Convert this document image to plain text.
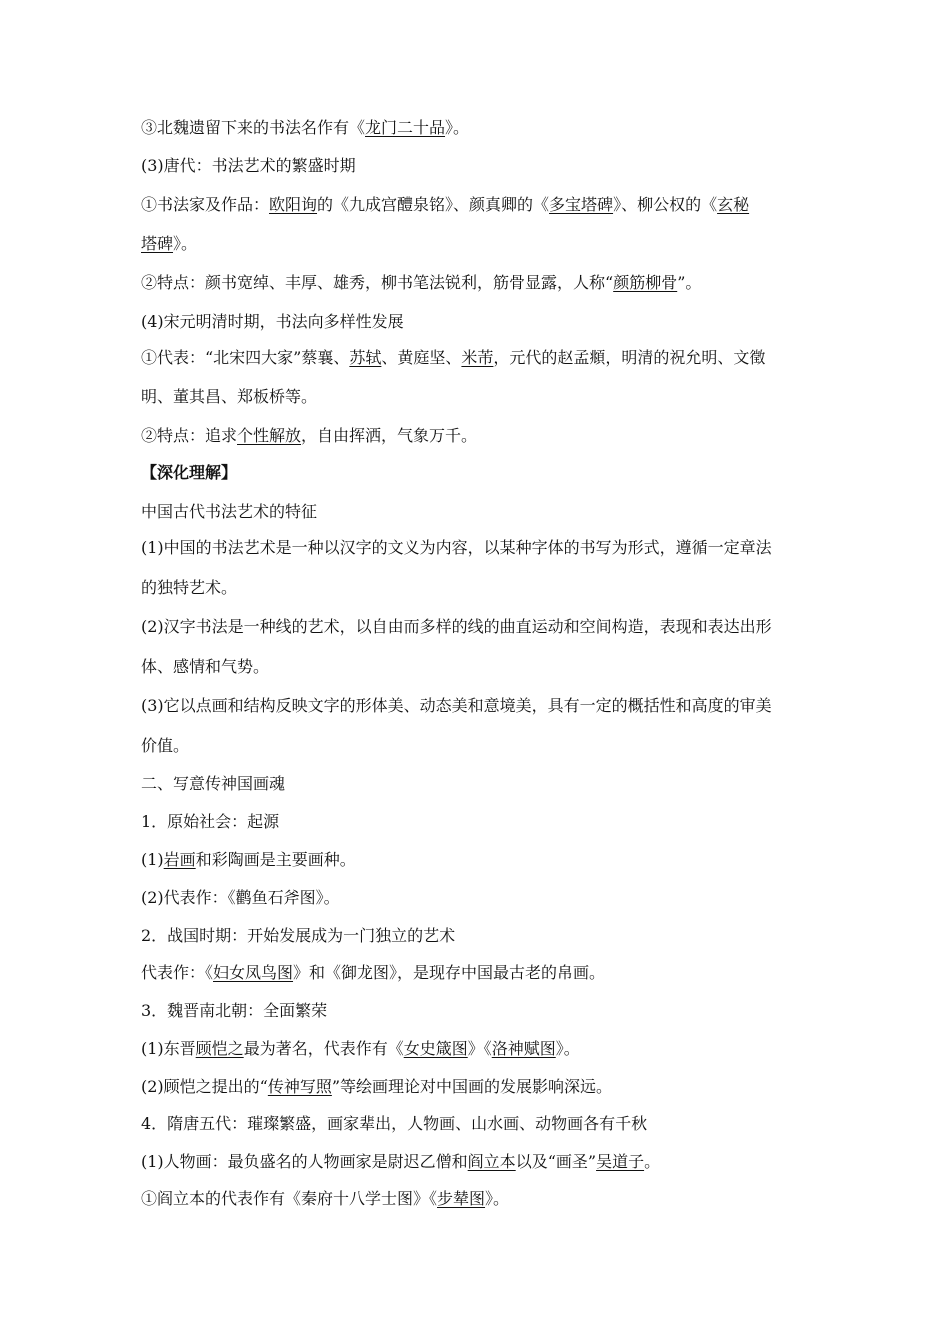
③北魏遗留下来的书法名作有《龙门二十品》。
(3)唐代：书法艺术的繁盛时期
①书法家及作品：欧阳询的《九成宫醴泉铭》、颜真卿的《多宝塔碑》、柳公权的《玄秘
塔碑》。
②特点：颜书宽绰、丰厚、雄秀，柳书笔法锐利，筋骨显露，人称“颜筋柳骨”。
(4)宋元明清时期，书法向多样性发展
①代表：“北宋四大家”蔡襄、苏轼、黄庭坚、米芾，元代的赵孟頫，明清的祝允明、文徵
明、董其昌、郑板桥等。
②特点：追求个性解放，自由挥洒，气象万千。
【深化理解】
中国古代书法艺术的特征
(1)中国的书法艺术是一种以汉字的文义为内容，以某种字体的书写为形式，遵循一定章法
的独特艺术。
(2)汉字书法是一种线的艺术，以自由而多样的线的曲直运动和空间构造，表现和表达出形
体、感情和气势。
(3)它以点画和结构反映文字的形体美、动态美和意境美，具有一定的概括性和高度的审美
价值。
二、写意传神国画魂
1．原始社会：起源
(1)岩画和彩陶画是主要画种。
(2)代表作：《鹳鱼石斧图》。
2．战国时期：开始发展成为一门独立的艺术
代表作：《妇女凤鸟图》和《御龙图》，是现存中国最古老的帛画。
3．魏晋南北朝：全面繁荣
(1)东晋顾恺之最为著名，代表作有《女史箴图》《洛神赋图》。
(2)顾恺之提出的“传神写照”等绘画理论对中国画的发展影响深远。
4．隋唐五代：璀璨繁盛，画家辈出，人物画、山水画、动物画各有千秋
(1)人物画：最负盛名的人物画家是尉迟乙僧和阎立本以及“画圣”吴道子。
①阎立本的代表作有《秦府十八学士图》《步辇图》。
